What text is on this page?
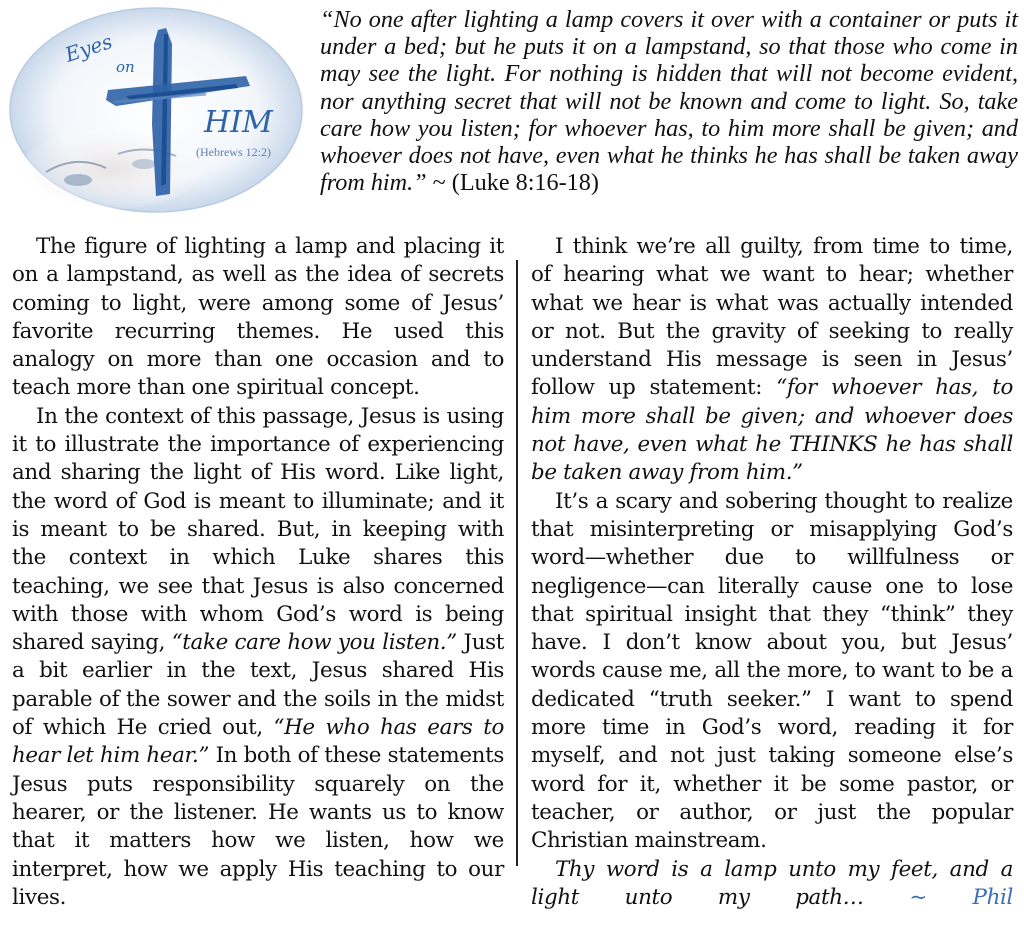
Eyes
on
HIM
(Hebrews 12:2)
“No one after lighting a lamp covers it over with a container or puts it under a bed; but he puts it on a lampstand, so that those who come in may see the light. For nothing is hidden that will not become evident, nor anything secret that will not be known and come to light. So, take care how you listen; for whoever has, to him more shall be given; and whoever does not have, even what he thinks he has shall be taken away from him.” ~ (Luke 8:16-18)

The figure of lighting a lamp and placing it on a lampstand, as well as the idea of secrets coming to light, were among some of Jesus’ favorite recurring themes. He used this analogy on more than one occasion and to teach more than one spiritual concept.

In the context of this passage, Jesus is using it to illustrate the importance of experiencing and sharing the light of His word. Like light, the word of God is meant to illuminate; and it is meant to be shared. But, in keeping with the context in which Luke shares this teaching, we see that Jesus is also concerned with those with whom God’s word is being shared saying, “take care how you listen.” Just a bit earlier in the text, Jesus shared His parable of the sower and the soils in the midst of which He cried out, “He who has ears to hear let him hear.” In both of these statements Jesus puts responsibility squarely on the hearer, or the listener. He wants us to know that it matters how we listen, how we interpret, how we apply His teaching to our lives.

I think we’re all guilty, from time to time, of hearing what we want to hear; whether what we hear is what was actually intended or not. But the gravity of seeking to really understand His message is seen in Jesus’ follow up statement: “for whoever has, to him more shall be given; and whoever does not have, even what he THINKS he has shall be taken away from him.”

It’s a scary and sobering thought to realize that misinterpreting or misapplying God’s word—whether due to willfulness or negligence—can literally cause one to lose that spiritual insight that they “think” they have. I don’t know about you, but Jesus’ words cause me, all the more, to want to be a dedicated “truth seeker.” I want to spend more time in God’s word, reading it for myself, and not just taking someone else’s word for it, whether it be some pastor, or teacher, or author, or just the popular Christian mainstream.

Thy word is a lamp unto my feet, and a light unto my path… ~ Phil
